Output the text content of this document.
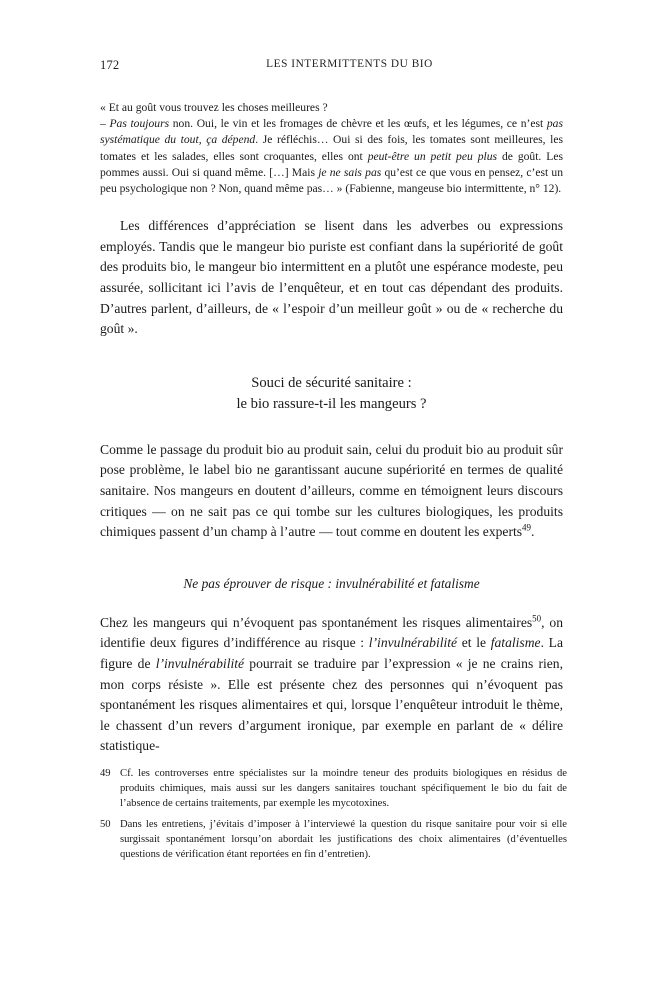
172	LES INTERMITTENTS DU BIO
« Et au goût vous trouvez les choses meilleures ?
– Pas toujours non. Oui, le vin et les fromages de chèvre et les œufs, et les légumes, ce n’est pas systématique du tout, ça dépend. Je réfléchis… Oui si des fois, les tomates sont meilleures, les tomates et les salades, elles sont croquantes, elles ont peut-être un petit peu plus de goût. Les pommes aussi. Oui si quand même. […] Mais je ne sais pas qu’est ce que vous en pensez, c’est un peu psychologique non ? Non, quand même pas… » (Fabienne, mangeuse bio intermittente, n° 12).

Les différences d’appréciation se lisent dans les adverbes ou expressions employés. Tandis que le mangeur bio puriste est confiant dans la supériorité de goût des produits bio, le mangeur bio intermittent en a plutôt une espérance modeste, peu assurée, sollicitant ici l’avis de l’enquêteur, et en tout cas dépendant des produits. D’autres parlent, d’ailleurs, de « l’espoir d’un meilleur goût » ou de « recherche du goût ».

Souci de sécurité sanitaire :
le bio rassure-t-il les mangeurs ?

Comme le passage du produit bio au produit sain, celui du produit bio au produit sûr pose problème, le label bio ne garantissant aucune supériorité en termes de qualité sanitaire. Nos mangeurs en doutent d’ailleurs, comme en témoignent leurs discours critiques — on ne sait pas ce qui tombe sur les cultures biologiques, les produits chimiques passent d’un champ à l’autre — tout comme en doutent les experts$^{49}$.

Ne pas éprouver de risque : invulnérabilité et fatalisme

Chez les mangeurs qui n’évoquent pas spontanément les risques alimentaires$^{50}$, on identifie deux figures d’indifférence au risque : l’invulnérabilité et le fatalisme. La figure de l’invulnérabilité pourrait se traduire par l’expression « je ne crains rien, mon corps résiste ». Elle est présente chez des personnes qui n’évoquent pas spontanément les risques alimentaires et qui, lorsque l’enquêteur introduit le thème, le chassent d’un revers d’argument ironique, par exemple en parlant de « délire statistique-

49 Cf. les controverses entre spécialistes sur la moindre teneur des produits biologiques en résidus de produits chimiques, mais aussi sur les dangers sanitaires touchant spécifiquement le bio du fait de l’absence de certains traitements, par exemple les mycotoxines.
50 Dans les entretiens, j’évitais d’imposer à l’interviewé la question du risque sanitaire pour voir si elle surgissait spontanément lorsqu’on abordait les justifications des choix alimentaires (d’éventuelles questions de vérification étant reportées en fin d’entretien).
